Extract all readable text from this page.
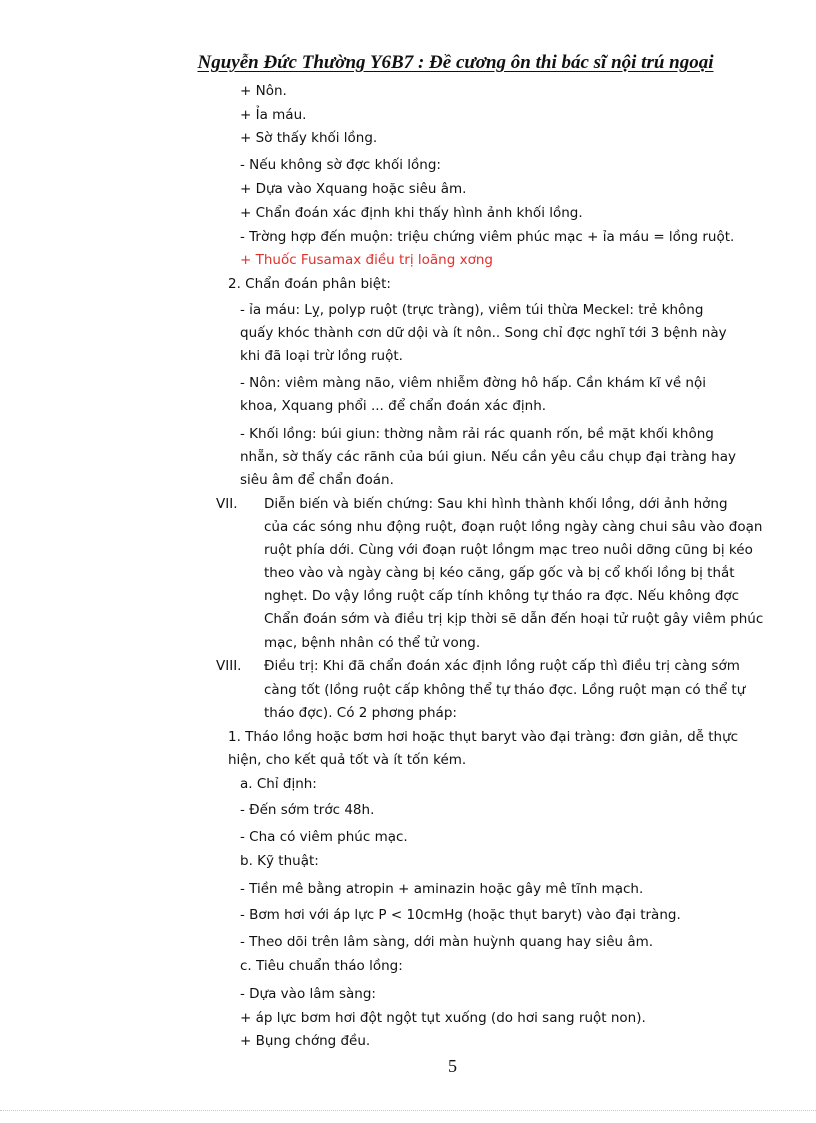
Nguyễn Đức Thường Y6B7 : Đề cương ôn thi bác sĩ nội trú ngoại
+ Nôn.
+ Ỉa máu.
+ Sờ thấy khối lồng.
- Nếu không sờ đợc khối lồng:
+ Dựa vào Xquang hoặc siêu âm.
+ Chẩn đoán xác định khi thấy hình ảnh khối lồng.
- Trờng hợp đến muộn: triệu chứng viêm phúc mạc + ỉa máu = lồng ruột.
+ Thuốc Fusamax điều trị loãng xơng
2. Chẩn đoán phân biệt:
- ỉa máu: Lỵ, polyp ruột (trực tràng), viêm túi thừa Meckel: trẻ không
quấy khóc thành cơn dữ dội và ít nôn.. Song chỉ đợc nghĩ tới 3 bệnh này
khi đã loại trừ lồng ruột.
- Nôn: viêm màng não, viêm nhiễm đờng hô hấp. Cần khám kĩ về nội
khoa, Xquang phổi ... để chẩn đoán xác định.
- Khối lồng: búi giun: thờng nằm rải rác quanh rốn, bề mặt khối không
nhẵn, sờ thấy các rãnh của búi giun. Nếu cần yêu cầu chụp đại tràng hay
siêu âm để chẩn đoán.
VII. Diễn biến và biến chứng: Sau khi hình thành khối lồng, dới ảnh hởng
của các sóng nhu động ruột, đoạn ruột lồng ngày càng chui sâu vào đoạn
ruột phía dới. Cùng với đoạn ruột lồngm mạc treo nuôi dỡng cũng bị kéo
theo vào và ngày càng bị kéo căng, gấp gốc và bị cổ khối lồng bị thắt
nghẹt. Do vậy lồng ruột cấp tính không tự tháo ra đợc. Nếu không đợc
Chẩn đoán sớm và điều trị kịp thời sẽ dẫn đến hoại tử ruột gây viêm phúc
mạc, bệnh nhân có thể tử vong.
VIII. Điều trị: Khi đã chẩn đoán xác định lồng ruột cấp thì điều trị càng sớm
càng tốt (lồng ruột cấp không thể tự tháo đợc. Lồng ruột mạn có thể tự
tháo đợc). Có 2 phơng pháp:
1. Tháo lồng hoặc bơm hơi hoặc thụt baryt vào đại tràng: đơn giản, dễ thực
hiện, cho kết quả tốt và ít tốn kém.
a. Chỉ định:
- Đến sớm trớc 48h.
- Cha có viêm phúc mạc.
b. Kỹ thuật:
- Tiền mê bằng atropin + aminazin hoặc gây mê tĩnh mạch.
- Bơm hơi với áp lực P < 10cmHg (hoặc thụt baryt) vào đại tràng.
- Theo dõi trên lâm sàng, dới màn huỳnh quang hay siêu âm.
c. Tiêu chuẩn tháo lồng:
- Dựa vào lâm sàng:
+ áp lực bơm hơi đột ngột tụt xuống (do hơi sang ruột non).
+ Bụng chớng đều.
5
